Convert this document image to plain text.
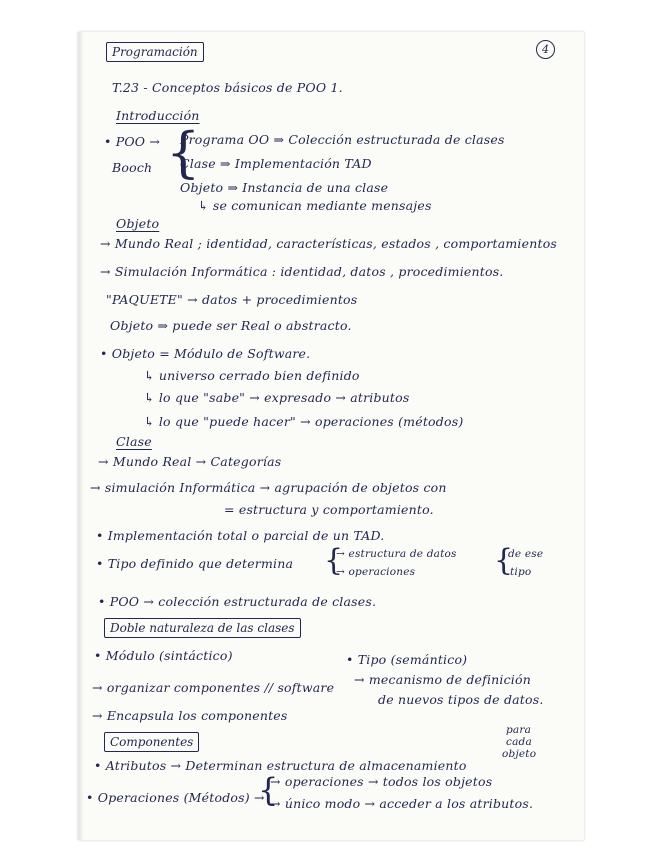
4
Programación
T.23 - Conceptos básicos de POO 1.
Introducción
• POO →
Booch {
Programa OO ⇒ Colección estructurada de clases
Clase ⇒ Implementación TAD
Objeto ⇒ Instancia de una clase
↳ se comunican mediante mensajes
Objeto
→ Mundo Real ; identidad, características, estados , comportamientos
→ Simulación Informática : identidad, datos , procedimientos.
"PAQUETE" → datos + procedimientos
Objeto ⇒ puede ser Real o abstracto.
• Objeto = Módulo de Software.
↳ universo cerrado bien definido
↳ lo que "sabe" → expresado → atributos
↳ lo que "puede hacer" → operaciones (métodos)
Clase
→ Mundo Real → Categorías
→ simulación Informática → agrupación de objetos con
= estructura y comportamiento.
• Implementación total o parcial de un TAD.
• Tipo definido que determina {
→ estructura de datos
→ operaciones	{
de ese
tipo
• POO → colección estructurada de clases.
Doble naturaleza de las clases
• Módulo (sintáctico)	• Tipo (semántico)
→ organizar componentes // software
→ mecanismo de definición
de nuevos tipos de datos.
→ Encapsula los componentes
Componentes
para
cada
objeto
• Atributos → Determinan estructura de almacenamiento
• Operaciones (Métodos) →
{
→ operaciones → todos los objetos
→ único modo → acceder a los atributos.
